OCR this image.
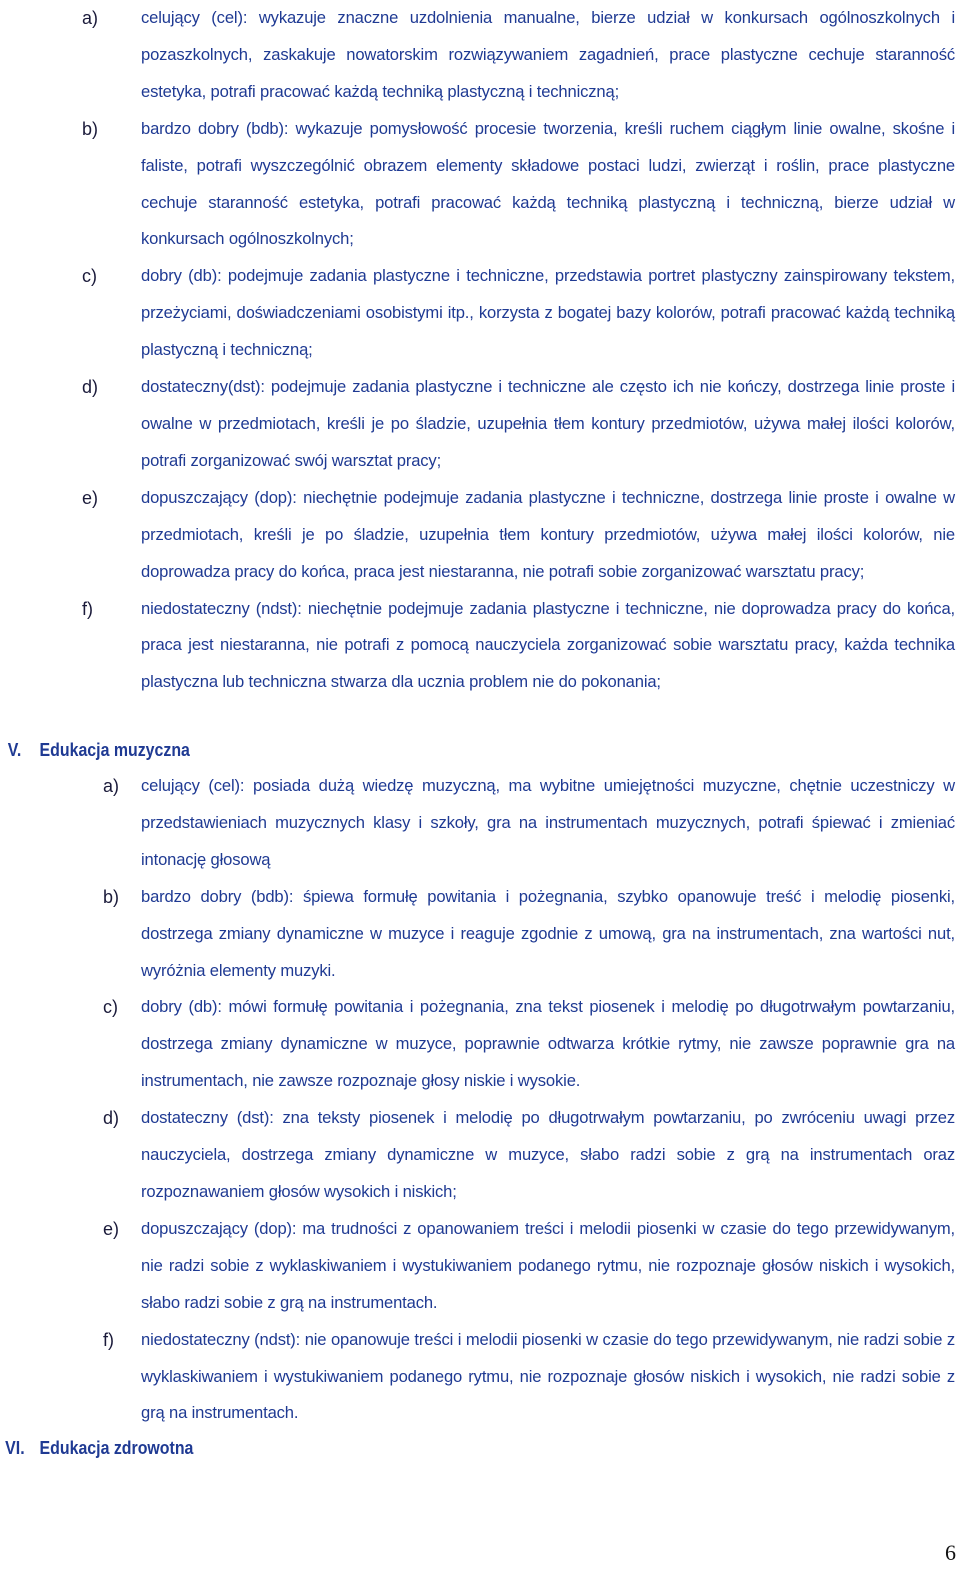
a)	celujący (cel): wykazuje znaczne uzdolnienia manualne, bierze udział w konkursach ogólnoszkolnych i pozaszkolnych, zaskakuje nowatorskim rozwiązywaniem zagadnień, prace plastyczne cechuje staranność estetyka, potrafi pracować każdą techniką plastyczną i techniczną;
b)	bardzo dobry (bdb): wykazuje pomysłowość procesie tworzenia, kreśli ruchem ciągłym linie owalne, skośne i faliste, potrafi wyszczególnić obrazem elementy składowe postaci ludzi, zwierząt i roślin, prace plastyczne cechuje staranność estetyka, potrafi pracować każdą techniką plastyczną i techniczną, bierze udział w konkursach ogólnoszkolnych;
c)	dobry (db): podejmuje zadania plastyczne i techniczne, przedstawia portret plastyczny zainspirowany tekstem, przeżyciami, doświadczeniami osobistymi itp., korzysta z bogatej bazy kolorów, potrafi pracować każdą techniką plastyczną i techniczną;
d)	dostateczny(dst): podejmuje zadania plastyczne i techniczne ale często ich nie kończy, dostrzega linie proste i owalne w przedmiotach, kreśli je po śladzie, uzupełnia tłem kontury przedmiotów, używa małej ilości kolorów, potrafi zorganizować swój warsztat pracy;
e)	dopuszczający (dop): niechętnie podejmuje zadania plastyczne i techniczne, dostrzega linie proste i owalne w przedmiotach, kreśli je po śladzie, uzupełnia tłem kontury przedmiotów, używa małej ilości kolorów, nie doprowadza pracy do końca, praca jest niestaranna, nie potrafi sobie zorganizować warsztatu pracy;
f)	niedostateczny (ndst): niechętnie podejmuje zadania plastyczne i techniczne, nie doprowadza pracy do końca, praca jest niestaranna, nie potrafi z pomocą nauczyciela zorganizować sobie warsztatu pracy, każda technika plastyczna lub techniczna stwarza dla ucznia problem nie do pokonania;
V. Edukacja muzyczna
a) celujący (cel): posiada dużą wiedzę muzyczną, ma wybitne umiejętności muzyczne, chętnie uczestniczy w przedstawieniach muzycznych klasy i szkoły, gra na instrumentach muzycznych, potrafi śpiewać i zmieniać intonację głosową
b) bardzo dobry (bdb): śpiewa formułę powitania i pożegnania, szybko opanowuje treść i melodię piosenki, dostrzega zmiany dynamiczne w muzyce i reaguje zgodnie z umową, gra na instrumentach, zna wartości nut, wyróżnia elementy muzyki.
c) dobry (db): mówi formułę powitania i pożegnania, zna tekst piosenek i melodię po długotrwałym powtarzaniu, dostrzega zmiany dynamiczne w muzyce, poprawnie odtwarza krótkie rytmy, nie zawsze poprawnie gra na instrumentach, nie zawsze rozpoznaje głosy niskie i wysokie.
d) dostateczny (dst): zna teksty piosenek i melodię po długotrwałym powtarzaniu, po zwróceniu uwagi przez nauczyciela, dostrzega zmiany dynamiczne w muzyce, słabo radzi sobie z grą na instrumentach oraz rozpoznawaniem głosów wysokich i niskich;
e) dopuszczający (dop): ma trudności z opanowaniem treści i melodii piosenki w czasie do tego przewidywanym, nie radzi sobie z wyklaskiwaniem i wystukiwaniem podanego rytmu, nie rozpoznaje głosów niskich i wysokich, słabo radzi sobie z grą na instrumentach.
f) niedostateczny (ndst): nie opanowuje treści i melodii piosenki w czasie do tego przewidywanym, nie radzi sobie z wyklaskiwaniem i wystukiwaniem podanego rytmu, nie rozpoznaje głosów niskich i wysokich, nie radzi sobie z grą na instrumentach.
VI. Edukacja zdrowotna
6
